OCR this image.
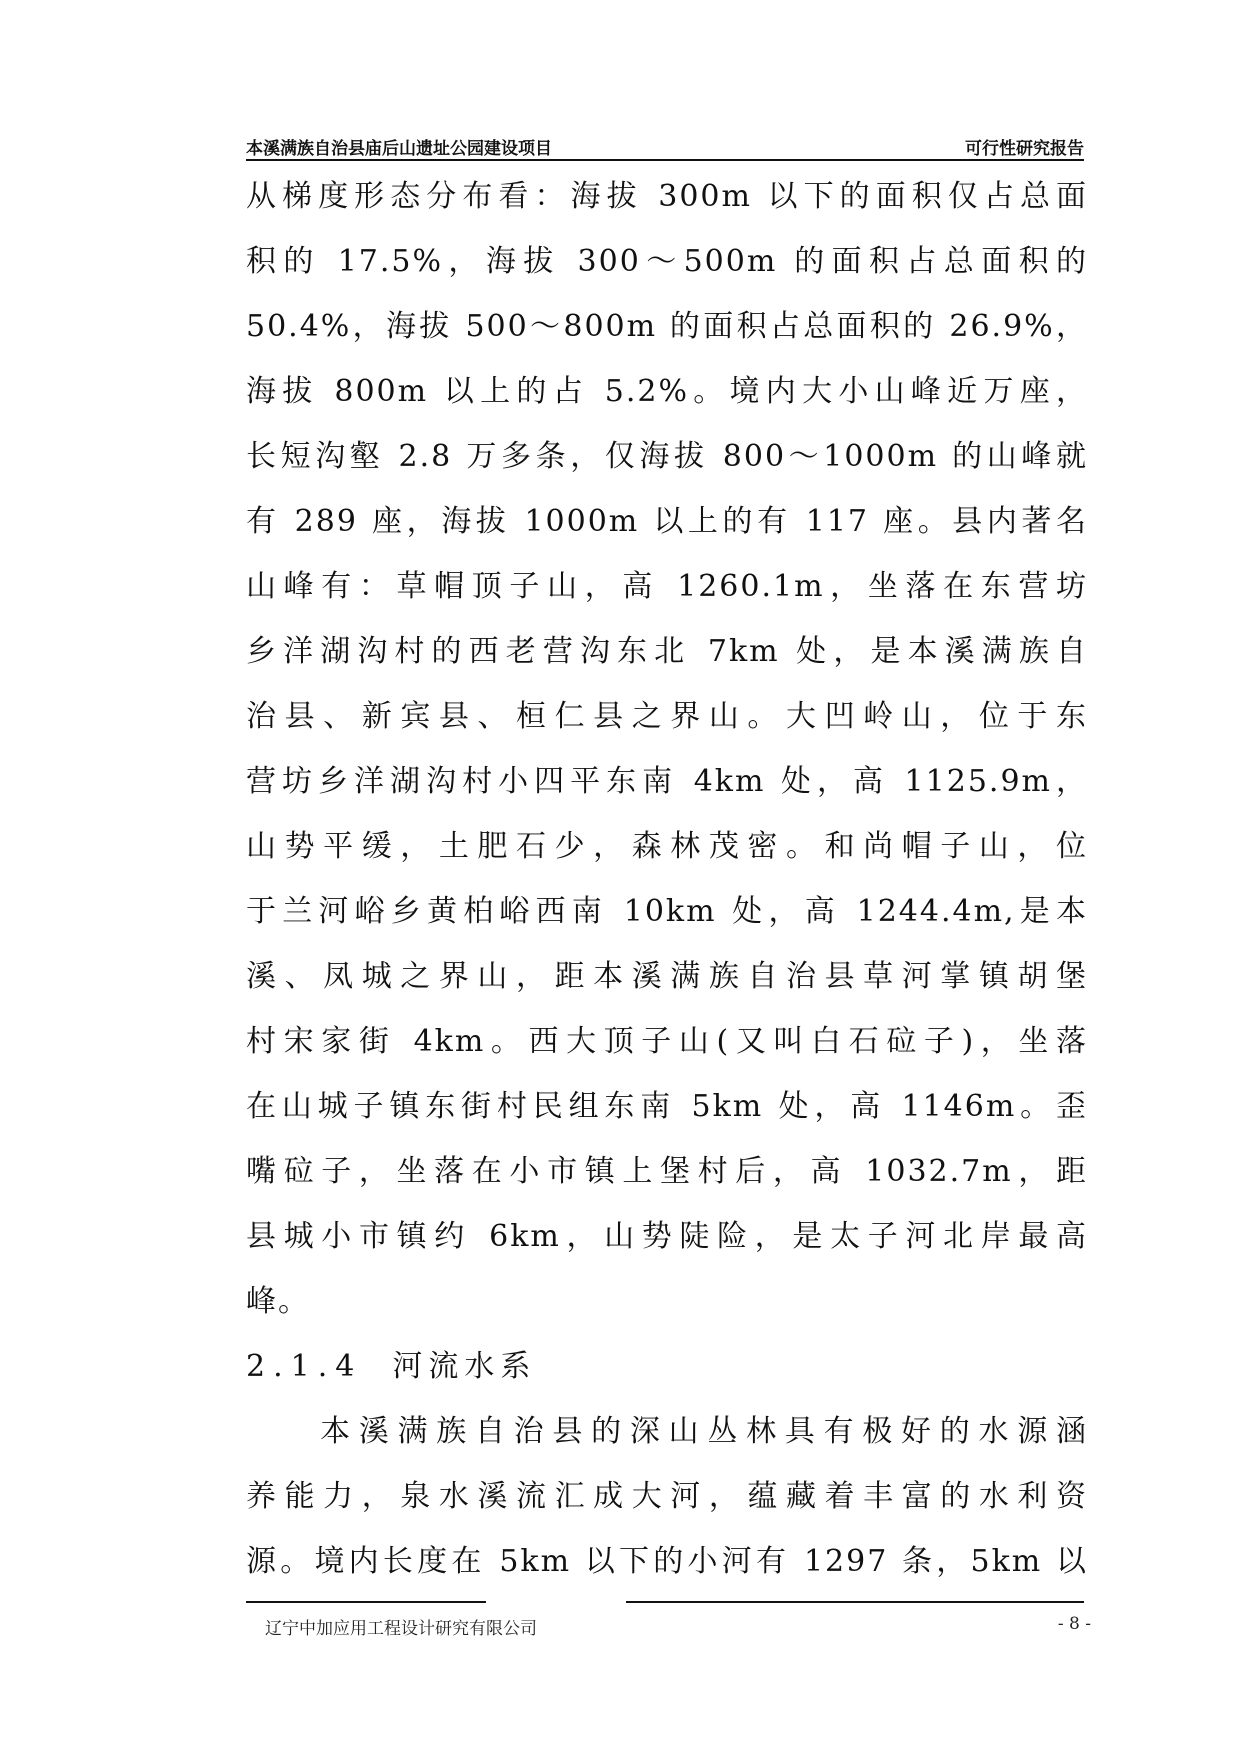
本溪满族自治县庙后山遗址公园建设项目	可行性研究报告
从梯度形态分布看：海拔 300m 以下的面积仅占总面
积的 17.5%，海拔 300～500m 的面积占总面积的
50.4%，海拔 500～800m 的面积占总面积的 26.9%，
海拔 800m 以上的占 5.2%。境内大小山峰近万座，
长短沟壑 2.8 万多条，仅海拔 800～1000m 的山峰就
有 289 座，海拔 1000m 以上的有 117 座。县内著名
山峰有：草帽顶子山，高 1260.1m，坐落在东营坊
乡洋湖沟村的西老营沟东北 7km 处，是本溪满族自
治县、新宾县、桓仁县之界山。大凹岭山，位于东
营坊乡洋湖沟村小四平东南 4km 处，高 1125.9m，
山势平缓，土肥石少，森林茂密。和尚帽子山，位
于兰河峪乡黄柏峪西南 10km 处，高 1244.4m,是本
溪、凤城之界山，距本溪满族自治县草河掌镇胡堡
村宋家街 4km。西大顶子山(又叫白石砬子)，坐落
在山城子镇东街村民组东南 5km 处，高 1146m。歪
嘴砬子，坐落在小市镇上堡村后，高 1032.7m，距
县城小市镇约 6km，山势陡险，是太子河北岸最高
峰。
2.1.4 河流水系
本溪满族自治县的深山丛林具有极好的水源涵
养能力，泉水溪流汇成大河，蕴藏着丰富的水利资
源。境内长度在 5km 以下的小河有 1297 条，5km 以
辽宁中加应用工程设计研究有限公司	- 8 -
